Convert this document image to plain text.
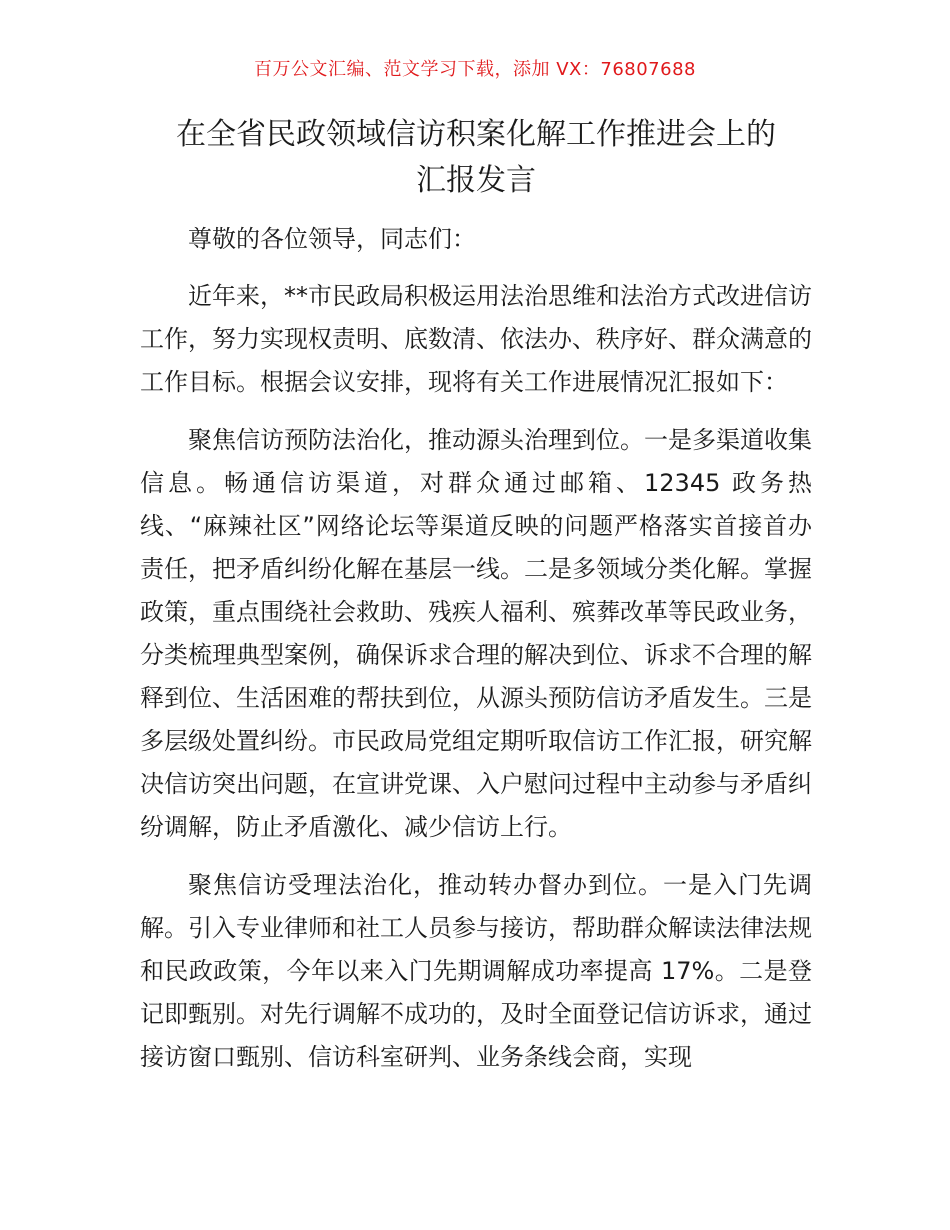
百万公文汇编、范文学习下载，添加 VX：76807688
在全省民政领域信访积案化解工作推进会上的
汇报发言

尊敬的各位领导，同志们：

近年来，**市民政局积极运用法治思维和法治方式改进信访工作，努力实现权责明、底数清、依法办、秩序好、群众满意的工作目标。根据会议安排，现将有关工作进展情况汇报如下：

聚焦信访预防法治化，推动源头治理到位。一是多渠道收集信息。畅通信访渠道，对群众通过邮箱、12345 政务热线、“麻辣社区”网络论坛等渠道反映的问题严格落实首接首办责任，把矛盾纠纷化解在基层一线。二是多领域分类化解。掌握政策，重点围绕社会救助、残疾人福利、殡葬改革等民政业务，分类梳理典型案例，确保诉求合理的解决到位、诉求不合理的解释到位、生活困难的帮扶到位，从源头预防信访矛盾发生。三是多层级处置纠纷。市民政局党组定期听取信访工作汇报，研究解决信访突出问题，在宣讲党课、入户慰问过程中主动参与矛盾纠纷调解，防止矛盾激化、减少信访上行。

聚焦信访受理法治化，推动转办督办到位。一是入门先调解。引入专业律师和社工人员参与接访，帮助群众解读法律法规和民政政策，今年以来入门先期调解成功率提高 17%。二是登记即甄别。对先行调解不成功的，及时全面登记信访诉求，通过接访窗口甄别、信访科室研判、业务条线会商，实现
